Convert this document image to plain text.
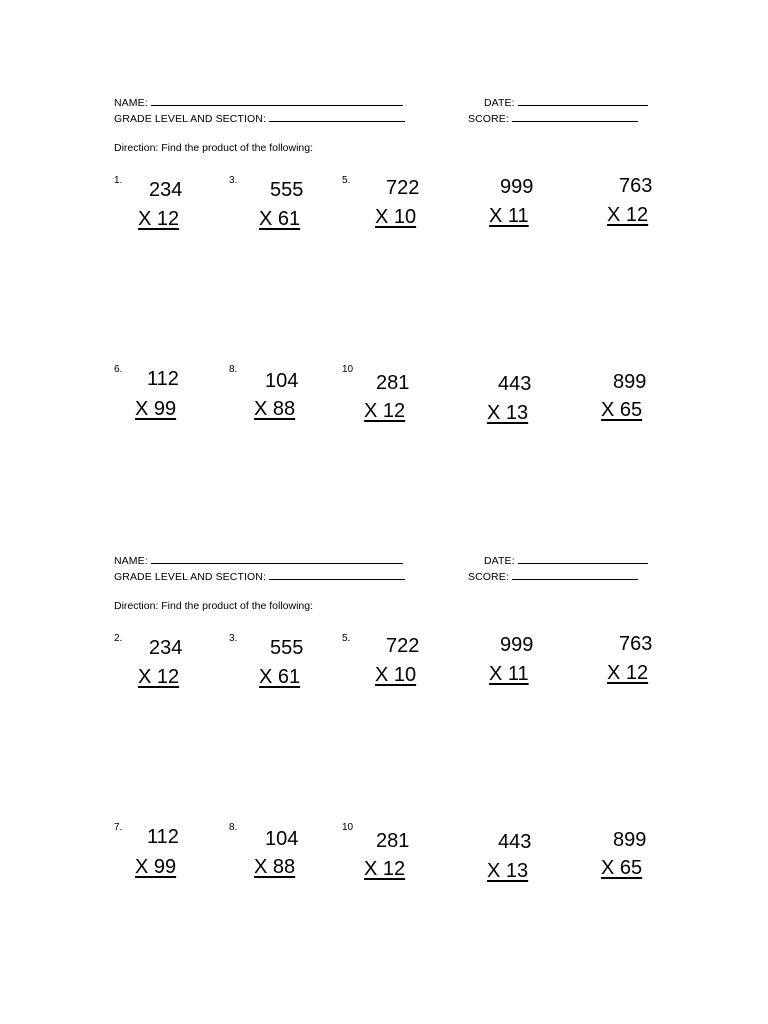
NAME:	DATE:
GRADE LEVEL AND SECTION:	SCORE:
Direction: Find the product of the following:
1. 234
X 12
3. 555
X 61
5. 722
X 10
999
X 11
763
X 12
6. 112
X 99
8.
104
X 88
10
281
X 12
443
X 13
899
X 65
NAME:	DATE:
GRADE LEVEL AND SECTION:	SCORE:
Direction: Find the product of the following:
2. 234
X 12
3. 555
X 61
5. 722
X 10
999
X 11
763
X 12
7. 112
X 99
8.
104
X 88
10
281
X 12
443
X 13
899
X 65
